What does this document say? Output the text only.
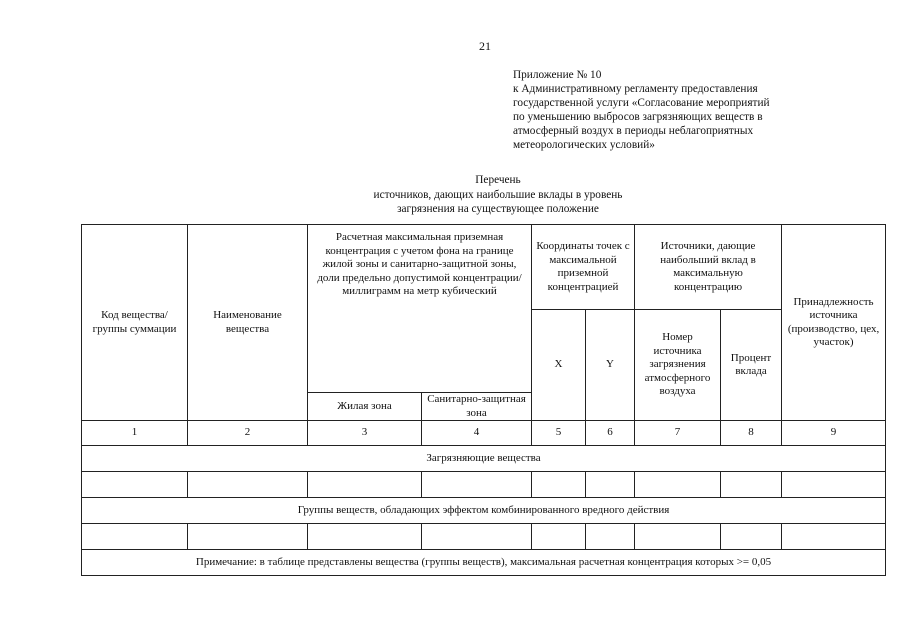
21
Приложение № 10
к Административному регламенту предоставления
государственной услуги «Согласование мероприятий
по уменьшению выбросов загрязняющих веществ в
атмосферный воздух в периоды неблагоприятных
метеорологических условий»
Перечень
источников, дающих наибольшие вклады в уровень
загрязнения на существующее положение
Код вещества/группы суммации	Наименование вещества	Расчетная максимальная приземная концентрация с учетом фона на границе жилой зоны и санитарно-защитной зоны, доли предельно допустимой концентрации/миллиграмм на метр кубический		Координаты точек с максимальной приземной концентрацией		Источники, дающие наибольший вклад в максимальную концентрацию		Принадлежность источника (производство, цех, участок)
				X	Y	Номер источника загрязнения атмосферного воздуха	Процент вклада	
		Жилая зона	Санитарно-защитная зона					
1	2	3	4	5	6	7	8	9
Загрязняющие вещества								

Группы веществ, обладающих эффектом комбинированного вредного действия								

Примечание: в таблице представлены вещества (группы веществ), максимальная расчетная концентрация которых >= 0,05								
